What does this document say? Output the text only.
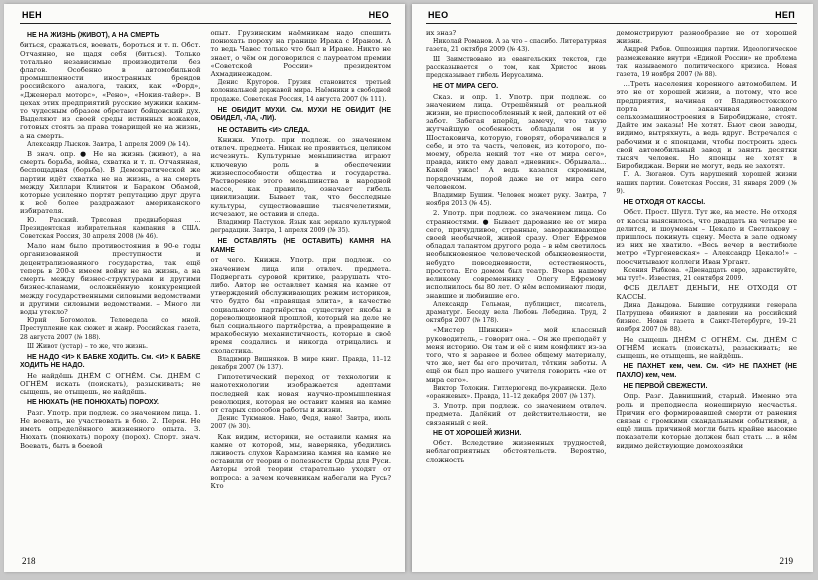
НЕН	НЕО
НЕ НА ЖИЗНЬ (ЖИВОТ), А НА СМЕРТЬ

биться, сражаться, воевать, бороться и т. п. Обст. Отчаянно, не щадя себя (биться). Только тотально независимые производители без флагов. Особенно в автомобильной промышленности иностранных брендов российского аналога, таких, как «Форд», «Дженерал моторс», «Рено», «Нокия-тайер». В цехах этих предприятий русские мужики каким-то чудесным образом обретают бойцовский дух. Выделяют из своей среды истинных вожаков, готовых стоять за права товарищей не на жизнь, а на смерть.

Александр Лысков. Завтра, 1 апреля 2009 (№ 14).

В знач. опр. ● Не на жизнь (живот), а на смерть борьба, война, схватка и т. п. Отчаянная, беспощадная (борьба). В Демократической же партии идёт схватка не на жизнь, а на смерть между Хиллари Клинтон и Бараком Обамой, которые усиленно портят репутацию друг друга к всё более раздражают американского избирателя.

Ю. Разский. Трясовая предвыборная ... Президентская избирательная кампания в США. Советская Россия, 30 апреля 2008 (№ 46).

Мало нам было противостояния в 90-е годы организованной преступности и децентрализованного государства, так ещё теперь в 200-х имеем войну не на жизнь, а на смерть между бизнес-структурами и другими бизнес-кланами, осложнённую конкуренцией между государственными силовыми ведомствами и другими силовыми ведомствами. – Много ли воды утекло?

Юрий Богомолов. Телеведела со мной. Преступление как сюжет и жанр. Российская газета, 28 августа 2007 (№ 188).

Ш Живот (устар) – то же, что жизнь.

НЕ НАДО <И> К БАБКЕ ХОДИТЬ. См. <И> К БАБКЕ ХОДИТЬ НЕ НАДО.

Не найдёшь ДНЁМ С ОГНЁМ. См. ДНЁМ С ОГНЁМ искать (поискать), разыскивать; не сыщешь, не отыщешь, не найдёшь.

НЕ НЮХАТЬ (НЕ ПОНЮХАТЬ) ПОРОХУ.

Разг. Употр. при подлеж. со значением лица. 1. Не воевать, не участвовать в бою. 2. Перен. Не иметь определённого жизненного опыта. 3. Нюхать (понюхать) пороху (порох). Спорт. знач. Воевать, быть в боевой

опыт. Грузинским наёмникам надо спешить понюхать пороху на границе Ирака с Ираном. А то ведь Чавес только что был в Иране. Никто не знает, о чём он договорился с лауреатом премии «Советской России» президентом Ахмадинежадом.

Денис Кругоров. Грузия становится третьей колониальной державой мира. Наёмники в свободной продаже. Советская Россия, 14 августа 2007 (№ 111).

НЕ ОБИДИТ МУХИ. См. МУХИ НЕ ОБИДИТ (НЕ ОБИДЕЛ, -ЛА, -ЛИ).
НЕ ОСТАВИТЬ <И> СЛЕДА.

Книжн. Употр. при подлеж. со значением отвлеч. предмета. Никак не проявиться, целиком исчезнуть. Культурные меньшинства играют ключевую роль в обеспечении жизнеспособности общества и государства. Растворение этого меньшинства в народной массе, как правило, означает гибель цивилизации. Бывает так, что бесследные культуры, существовавшие тысячелетиями, исчезают, не оставив и следа.

Владимир Пастухов. Язык как зеркало культурной деградации. Завтра, 1 апреля 2009 (№ 35).

НЕ ОСТАВЛЯТЬ (НЕ ОСТАВИТЬ) КАМНЯ НА КАМНЕ

от чего. Книжн. Употр. при подлеж. со значением лица или отвлеч. предмета. Подвергать суровой критике, разрушать что-либо. Автор не оставляет камня на камне от утверждений обслуживающих режим историков, что будто бы «правящая элита», в качестве социального партнёрства существует якобы в дореволюционной прошлой, который на деле не был социального партнёрства, а превращение в мракобесную механистичность, которые в своё время создались и никогда отрицались и схоластика.

Владимир Вишняков. В мире книг. Правда, 11–12 декабря 2007 (№ 137).

Гипотетический переход от технологии к нанотехнологии изображается адептами последней как новая научно-промышленная революция, которая не оставит камня на камне от старых способов работы и жизни.

Денис Тукманов. Нано, Федя, нано! Завтра, июль 2007 (№ 30).

Как видим, историки, не оставили камня на камне от которой, мы, наверняка, убедились лживость слухов Карамзина камня на камне не оставили от теории о полезности Орды для Руси. Авторы этой теории старательно уходят от вопроса: а зачем кочевникам набегали на Русь? Кто

218
НЕО	НЕП

их зназ?

Николай Романов. А за что – спасибо. Литературная газета, 21 октября 2009 (№ 43).

Ш Заимствовано из евангельских текстов, где рассказывается о том, как Христос вновь предсказывает гибель Иерусалима.

НЕ ОТ МИРА СЕГО.

Сказ. и опр. 1. Употр. при подлеж. со значением лица. Отрешённый от реальной жизни, не приспособленный к ней, далекий от её забот. Забегая вперёд, замечу, что такую жутчайшую особенность обладали он и у Шостаковича, которую, говорят, оборачивался в себе, и это та часть, человек, из которого, по-моему, обрела некий тот «не от мира сего», правда, никто ему давал «дневник». Обрывала... Какой ужас! А ведь казался скромным, порядочным, порой даже не от мира сего человеком.

Владимир Бушин. Человек может руку. Завтра, 7 ноября 2013 (№ 45).

2. Употр. при подлеж. со значением лица. Со странностями. ● Бывает дарование не от мира сего, причудливое, странные, завораживающее своей необычной, живой сразу. Олег Ефремов обладал талантом другого рода – в нём светилось необыкновенное человеческой обыкновенности, небудто повседневности, естественность, простота. Его домом был театр. Вчера нашему великому современнику Олегу Ефремову исполнилось бы 80 лет. О нём вспоминают люди, знавшие и любившие его.

Александр Гельман, публицист, писатель, драматург. Беседу вела Любовь Лебедина. Труд, 2 октября 2007 (№ 178).

«Мистер Шинкин» – мой классный руководитель, – говорит она. – Он же преподаёт у меня историю. Он там и её с ним конфликт из-за того, что я заранее и более общему материалу, что же, нет бы его прочитал, тёткин заботы. А ещё он был про нашего учителя говорить «не от мира сего».

Виктор Толокин. Гитлерюгенд по-украински. Дело «оранжевых». Правда, 11–12 декабря 2007 (№ 137).

3. Употр. при подлеж. со значением отвлеч. предмета. Далёкий от действительности, не связанный с ней.

НЕ ОТ ХОРОШЕЙ ЖИЗНИ.

Обст. Вследствие жизненных трудностей, неблагоприятных обстоятельств. Вероятно, сложность

демонстрируют разнообразие не от хорошей жизни.

Андрей Рябов. Оппозиция партии. Идеологическое размежевание внутри «Единой России» не проблема так называемого политического кризиса. Новая газета, 19 ноября 2007 (№ 88).

...Треть населения коренного автомобилем. И это не от хорошей жизни, а потому, что все предприятия, начиная от Владивостокского порта и заканчивая заводом сельхозмашиностроения в Биробиджане, стоят. Дайте им заказы! Не хотят. Бьют свои заводы, видимо, вытряхнуть, а ведь вдруг. Встречался с рабочими и с японцами, чтобы построить здесь свой автомобильный завод и занять десятки тысяч человек. Но японцы не хотят в Биробиджан. Верни не могут, ведь не захотят.

Г. А. Зюганов. Суть нарушений хорошей жизни наших партии. Советская Россия, 31 января 2009 (№ 9).

НЕ ОТХОДЯ ОТ КАССЫ.

Обст. Прост. Шутл. Тут же, на месте. Не отходя от кассы выяснилось, что двадцать на четыре не делится, и шоуменам – Цекало и Светлакову – пришлось покинуть сцену. Места в зале одному из них не хватило. «Весь вечер в вестибюле метро «Тургеневская» – Александр Цекало!» – поосчитывают коллеги Иван Ургант.

Ксения Рыбкова. «Двенадцать евро, здравствуйте, мы тут!». Известия, 21 сентября 2009.

ФСБ ДЕЛАЕТ ДЕНЬГИ, НЕ ОТХОДЯ ОТ КАССЫ.

Дина Давыдова. Бывшие сотрудники генерала Патрушева обвиняют в давлении на российский бизнес. Новая газета в Санкт-Петербурге, 19–21 ноября 2007 (№ 88).

Не сыщешь ДНЁМ С ОГНЁМ. См. ДНЁМ С ОГНЁМ искать (поискать), разыскивать; не сыщешь, не отыщешь, не найдёшь.

НЕ ПАХНЕТ кем, чем. См. <И> НЕ ПАХНЕТ (НЕ ПАХЛО) кем, чем.
НЕ ПЕРВОЙ СВЕЖЕСТИ.

Опр. Разг. Давнишний, старый. Именно эта роль и преподнесла нонеширную несчастья. Причин его формировавшей смерти от ранения связан с громкими скандальными событиями, а ещё лишь причиной могли быть крайне высокие показатели которые должен был стать ... в нём видимо действующие домохозяйки

219
